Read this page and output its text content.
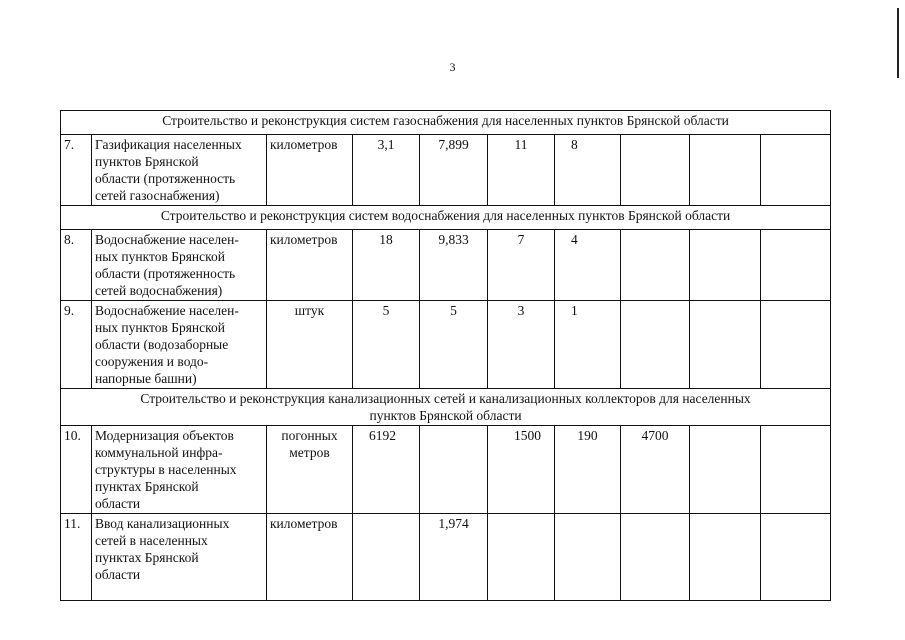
3
Строительство и реконструкция систем газоснабжения для населенных пунктов Брянской области									
7.	Газификация населенных
пунктов Брянской
области (протяженность
сетей газоснабжения)	километров	3,1	7,899	11	8			
Строительство и реконструкция систем водоснабжения для населенных пунктов Брянской области									
8.	Водоснабжение населен-
ных пунктов Брянской
области (протяженность
сетей водоснабжения)	километров	18	9,833	7	4			
9.	Водоснабжение населен-
ных пунктов Брянской
области (водозаборные
сооружения и водо-
напорные башни)	штук	5	5	3	1			
Строительство и реконструкция канализационных сетей и канализационных коллекторов для населенных
пунктов Брянской области									
10.	Модернизация объектов
коммунальной инфра-
структуры в населенных
пунктах Брянской
области	погонных
метров	6192		1500	190	4700		
11.	Ввод канализационных
сетей в населенных
пунктах Брянской
области	километров		1,974					
